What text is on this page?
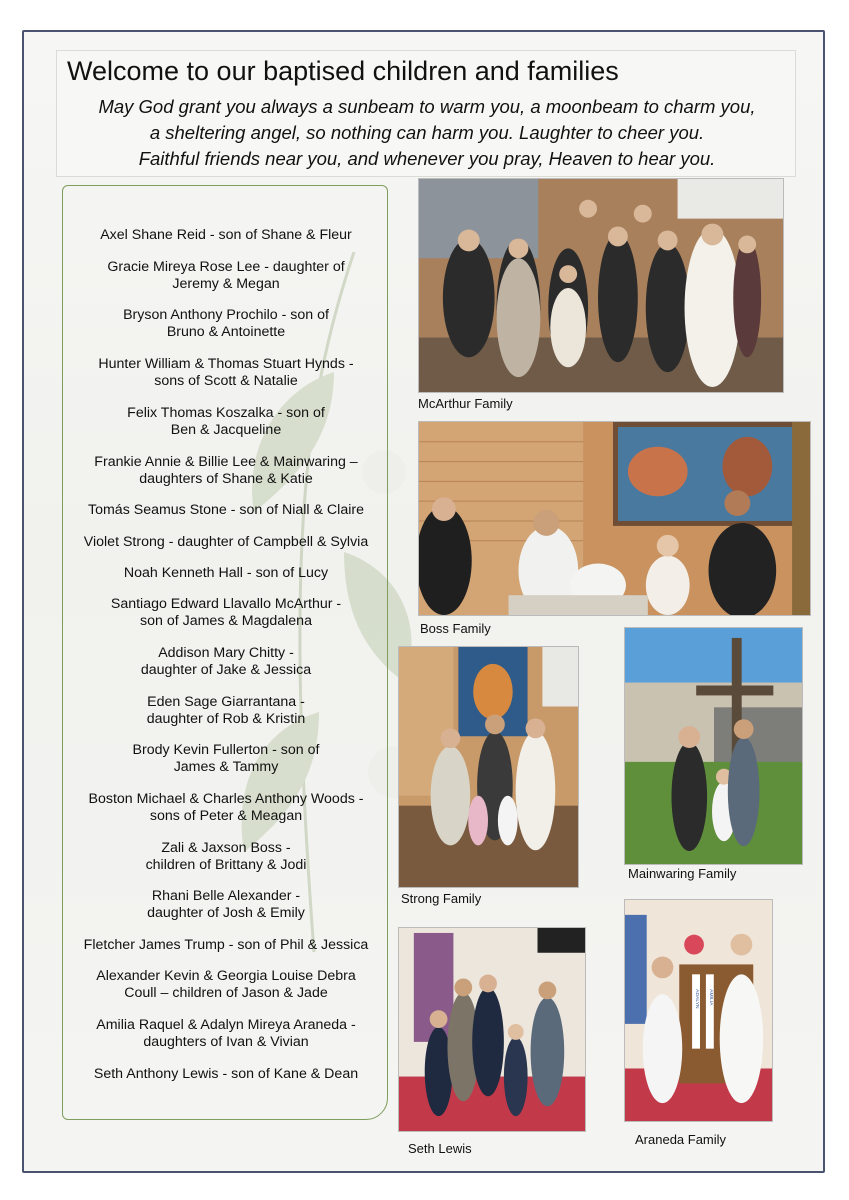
Welcome to our baptised children and families
May God grant you always a sunbeam to warm you, a moonbeam to charm you,
a sheltering angel, so nothing can harm you. Laughter to cheer you.
Faithful friends near you, and whenever you pray, Heaven to hear you.
Axel Shane Reid - son of Shane & Fleur
Gracie Mireya Rose Lee - daughter of
Jeremy & Megan
Bryson Anthony Prochilo - son of
Bruno & Antoinette
Hunter William & Thomas Stuart Hynds -
sons of Scott & Natalie
Felix Thomas Koszalka - son of
Ben & Jacqueline
Frankie Annie & Billie Lee & Mainwaring –
daughters of Shane & Katie
Tomás Seamus Stone - son of Niall & Claire
Violet Strong - daughter of Campbell & Sylvia
Noah Kenneth Hall - son of Lucy
Santiago Edward Llavallo McArthur -
son of James & Magdalena
Addison Mary Chitty -
daughter of Jake & Jessica
Eden Sage Giarrantana -
daughter of Rob & Kristin
Brody Kevin Fullerton - son of
James & Tammy
Boston Michael & Charles Anthony Woods -
sons of Peter & Meagan
Zali & Jaxson Boss -
children of Brittany & Jodi
Rhani Belle Alexander -
daughter of Josh & Emily
Fletcher James Trump - son of Phil & Jessica
Alexander Kevin & Georgia Louise Debra
Coull – children of Jason & Jade
Amilia Raquel & Adalyn Mireya Araneda -
daughters of Ivan & Vivian
Seth Anthony Lewis - son of Kane & Dean
McArthur Family
Boss Family
Strong Family
Mainwaring Family
Seth Lewis
ADALYN AMILIA
Araneda Family
